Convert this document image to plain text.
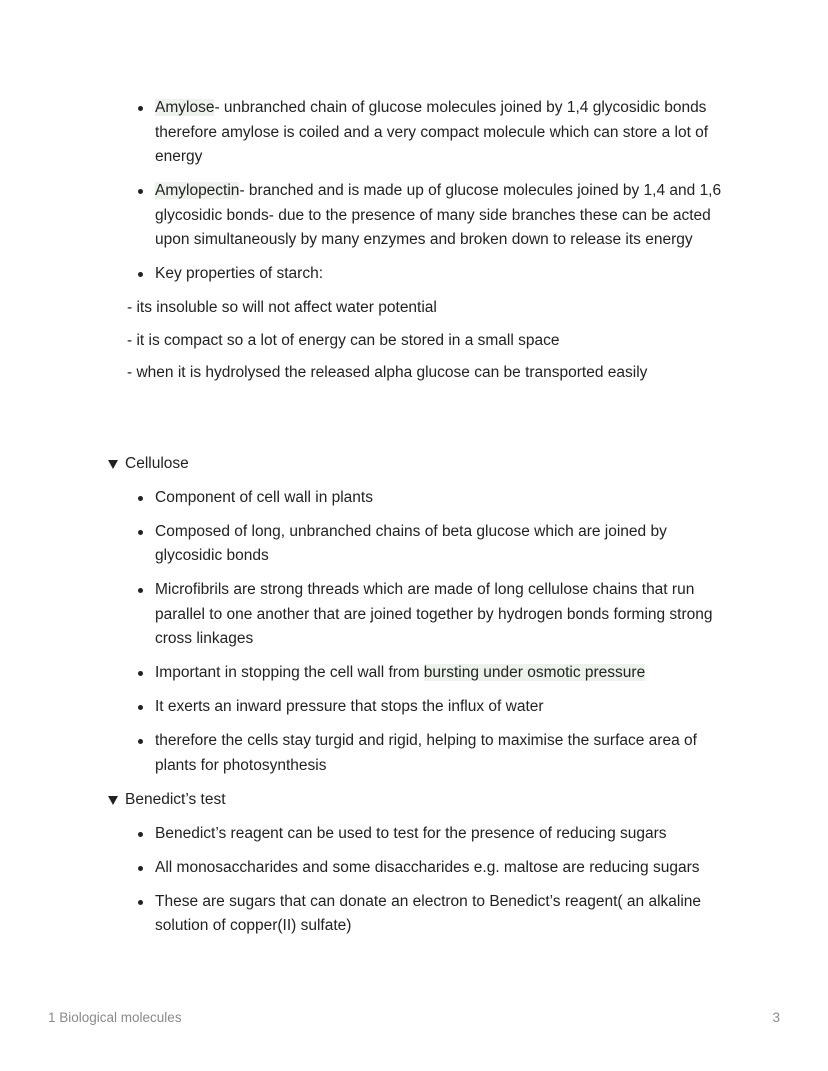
Amylose- unbranched chain of glucose molecules joined by 1,4 glycosidic bonds therefore amylose is coiled and a very compact molecule which can store a lot of energy
Amylopectin- branched and is made up of glucose molecules joined by 1,4 and 1,6 glycosidic bonds- due to the presence of many side branches these can be acted upon simultaneously by many enzymes and broken down to release its energy
Key properties of starch:
- its insoluble so will not affect water potential
- it is compact so a lot of energy can be stored in a small space
- when it is hydrolysed the released alpha glucose can be transported easily
Cellulose
Component of cell wall in plants
Composed of long, unbranched chains of beta glucose which are joined by glycosidic bonds
Microfibrils are strong threads which are made of long cellulose chains that run parallel to one another that are joined together by hydrogen bonds forming strong cross linkages
Important in stopping the cell wall from bursting under osmotic pressure
It exerts an inward pressure that stops the influx of water
therefore the cells stay turgid and rigid, helping to maximise the surface area of plants for photosynthesis
Benedict’s test
Benedict’s reagent can be used to test for the presence of reducing sugars
All monosaccharides and some disaccharides e.g. maltose are reducing sugars
These are sugars that can donate an electron to Benedict’s reagent( an alkaline solution of copper(II) sulfate)
1 Biological molecules	3
